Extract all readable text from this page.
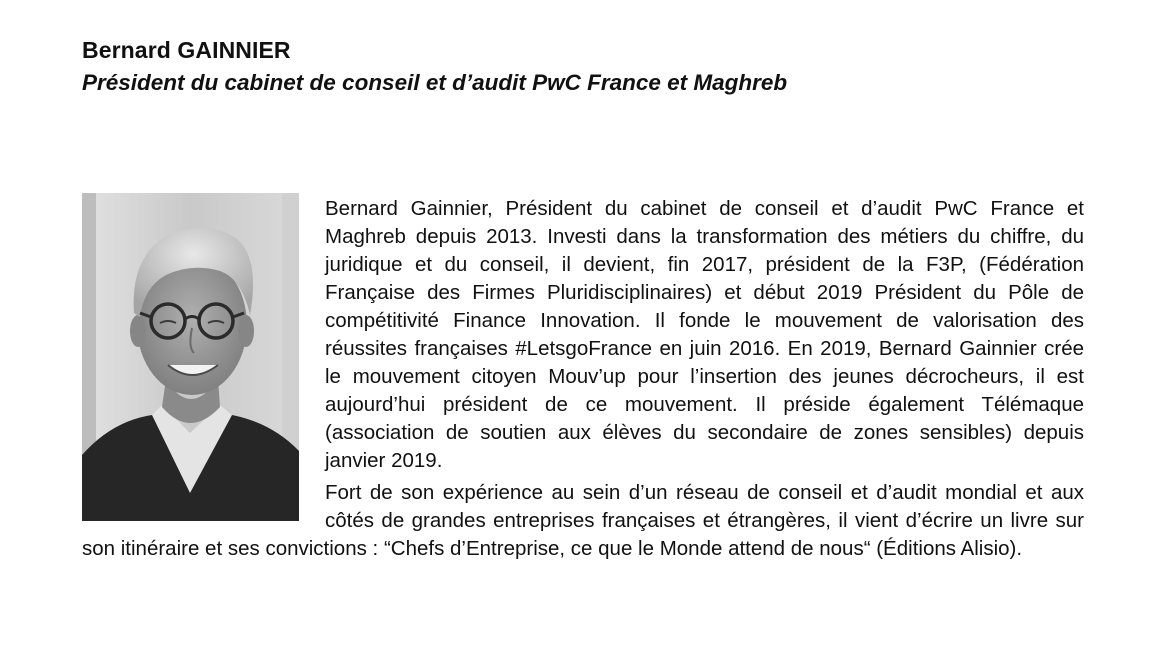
Bernard GAINNIER
Président du cabinet de conseil et d’audit PwC France et Maghreb

Bernard Gainnier, Président du cabinet de conseil et d’audit PwC France et Maghreb depuis 2013. Investi dans la transformation des métiers du chiffre, du juridique et du conseil, il devient, fin 2017, président de la F3P, (Fédération Française des Firmes Pluridisciplinaires) et début 2019 Président du Pôle de compétitivité Finance Innovation. Il fonde le mouvement de valorisation des réussites françaises #LetsgoFrance en juin 2016. En 2019, Bernard Gainnier crée le mouvement citoyen Mouv’up pour l’insertion des jeunes décrocheurs, il est aujourd’hui président de ce mouvement. Il préside également Télémaque (association de soutien aux élèves du secondaire de zones sensibles) depuis janvier 2019.

Fort de son expérience au sein d’un réseau de conseil et d’audit mondial et aux côtés de grandes entreprises françaises et étrangères, il vient d’écrire un livre sur son itinéraire et ses convictions : “Chefs d’Entreprise, ce que le Monde attend de nous“ (Éditions Alisio).
